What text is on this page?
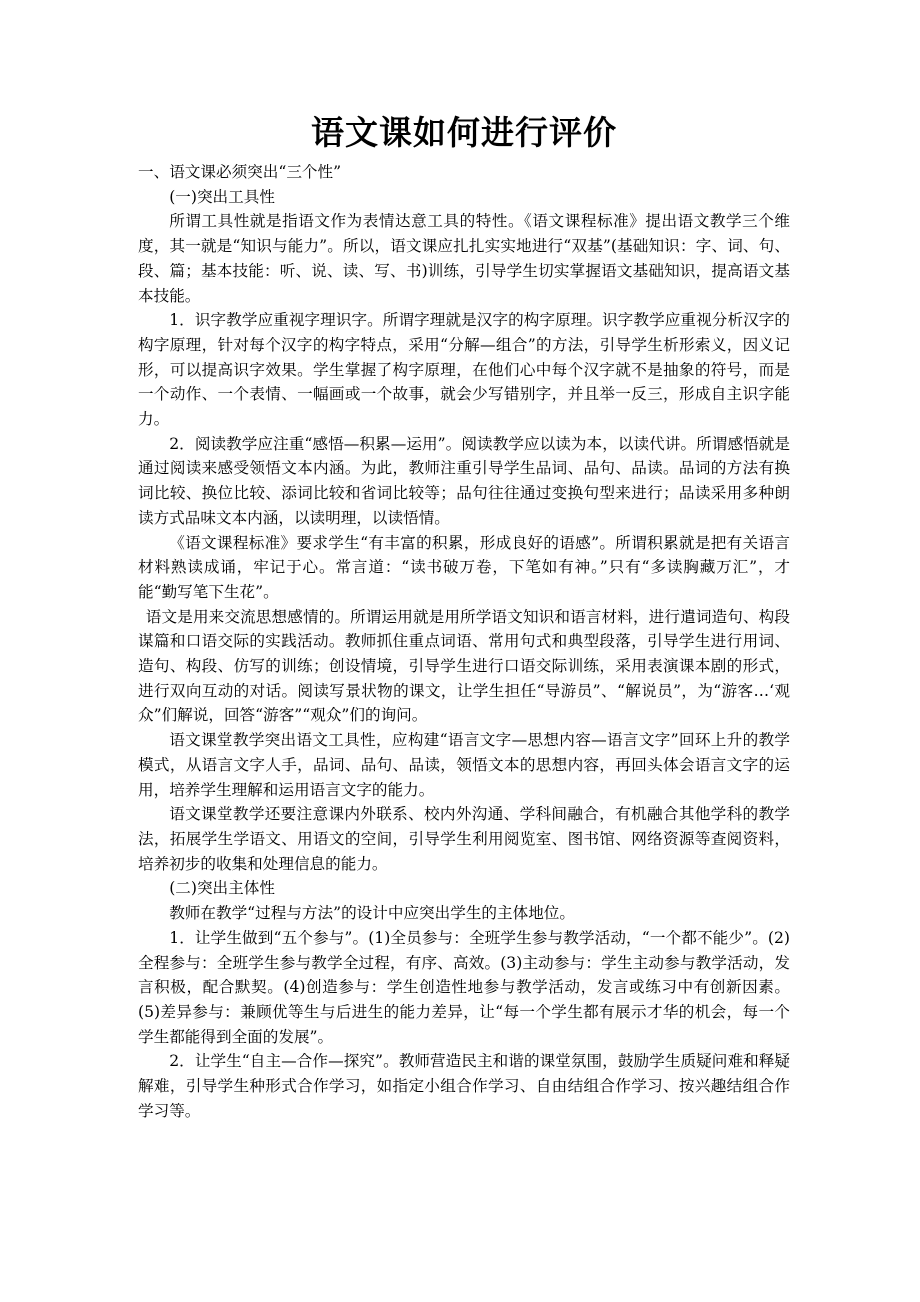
语文课如何进行评价

一、语文课必须突出“三个性”

(一)突出工具性

所谓工具性就是指语文作为表情达意工具的特性。《语文课程标准》提出语文教学三个维度，其一就是“知识与能力”。所以，语文课应扎扎实实地进行“双基”(基础知识：字、词、句、段、篇；基本技能：听、说、读、写、书)训练，引导学生切实掌握语文基础知识，提高语文基本技能。

1．识字教学应重视字理识字。所谓字理就是汉字的构字原理。识字教学应重视分析汉字的构字原理，针对每个汉字的构字特点，采用“分解—组合”的方法，引导学生析形索义，因义记形，可以提高识字效果。学生掌握了构字原理，在他们心中每个汉字就不是抽象的符号，而是一个动作、一个表情、一幅画或一个故事，就会少写错别字，并且举一反三，形成自主识字能力。

2．阅读教学应注重“感悟—积累—运用”。阅读教学应以读为本，以读代讲。所谓感悟就是通过阅读来感受领悟文本内涵。为此，教师注重引导学生品词、品句、品读。品词的方法有换词比较、换位比较、添词比较和省词比较等；品句往往通过变换句型来进行；品读采用多种朗读方式品味文本内涵，以读明理，以读悟情。

《语文课程标准》要求学生“有丰富的积累，形成良好的语感”。所谓积累就是把有关语言材料熟读成诵，牢记于心。常言道：“读书破万卷，下笔如有神。”只有“多读胸藏万汇”，才能“勤写笔下生花”。

语文是用来交流思想感情的。所谓运用就是用所学语文知识和语言材料，进行遣词造句、构段谋篇和口语交际的实践活动。教师抓住重点词语、常用句式和典型段落，引导学生进行用词、造句、构段、仿写的训练；创设情境，引导学生进行口语交际训练，采用表演课本剧的形式，进行双向互动的对话。阅读写景状物的课文，让学生担任“导游员”、“解说员”，为“游客…‘观众”们解说，回答“游客”“观众”们的询问。

语文课堂教学突出语文工具性，应构建“语言文字—思想内容—语言文字”回环上升的教学模式，从语言文字人手，品词、品句、品读，领悟文本的思想内容，再回头体会语言文字的运用，培养学生理解和运用语言文字的能力。

语文课堂教学还要注意课内外联系、校内外沟通、学科间融合，有机融合其他学科的教学法，拓展学生学语文、用语文的空间，引导学生利用阅览室、图书馆、网络资源等查阅资料，培养初步的收集和处理信息的能力。

(二)突出主体性

教师在教学“过程与方法”的设计中应突出学生的主体地位。

1．让学生做到“五个参与”。(1)全员参与：全班学生参与教学活动，“一个都不能少”。(2)全程参与：全班学生参与教学全过程，有序、高效。(3)主动参与：学生主动参与教学活动，发言积极，配合默契。(4)创造参与：学生创造性地参与教学活动，发言或练习中有创新因素。(5)差异参与：兼顾优等生与后进生的能力差异，让“每一个学生都有展示才华的机会，每一个学生都能得到全面的发展”。

2．让学生“自主—合作—探究”。教师营造民主和谐的课堂氛围，鼓励学生质疑问难和释疑解难，引导学生种形式合作学习，如指定小组合作学习、自由结组合作学习、按兴趣结组合作学习等。
